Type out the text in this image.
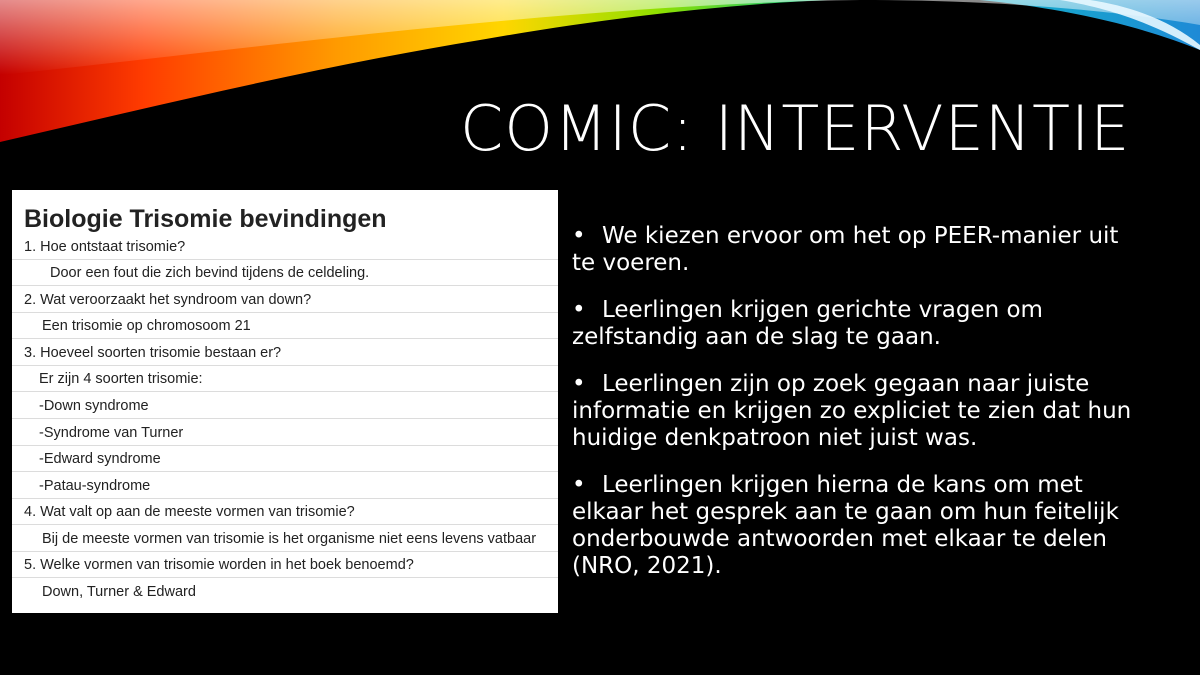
COMIC: INTERVENTIE
Biologie Trisomie bevindingen
1. Hoe ontstaat trisomie?
Door een fout die zich bevind tijdens de celdeling.
2. Wat veroorzaakt het syndroom van down?
Een trisomie op chromosoom 21
3. Hoeveel soorten trisomie bestaan er?
Er zijn 4 soorten trisomie:
-Down syndrome
-Syndrome van Turner
-Edward syndrome
-Patau-syndrome
4. Wat valt op aan de meeste vormen van trisomie?
Bij de meeste vormen van trisomie is het organisme niet eens levens vatbaar
5. Welke vormen van trisomie worden in het boek benoemd?
Down, Turner & Edward
• We kiezen ervoor om het op PEER-manier uit te voeren.
• Leerlingen krijgen gerichte vragen om zelfstandig aan de slag te gaan.
• Leerlingen zijn op zoek gegaan naar juiste informatie en krijgen zo expliciet te zien dat hun huidige denkpatroon niet juist was.
• Leerlingen krijgen hierna de kans om met elkaar het gesprek aan te gaan om hun feitelijk onderbouwde antwoorden met elkaar te delen (NRO, 2021).
